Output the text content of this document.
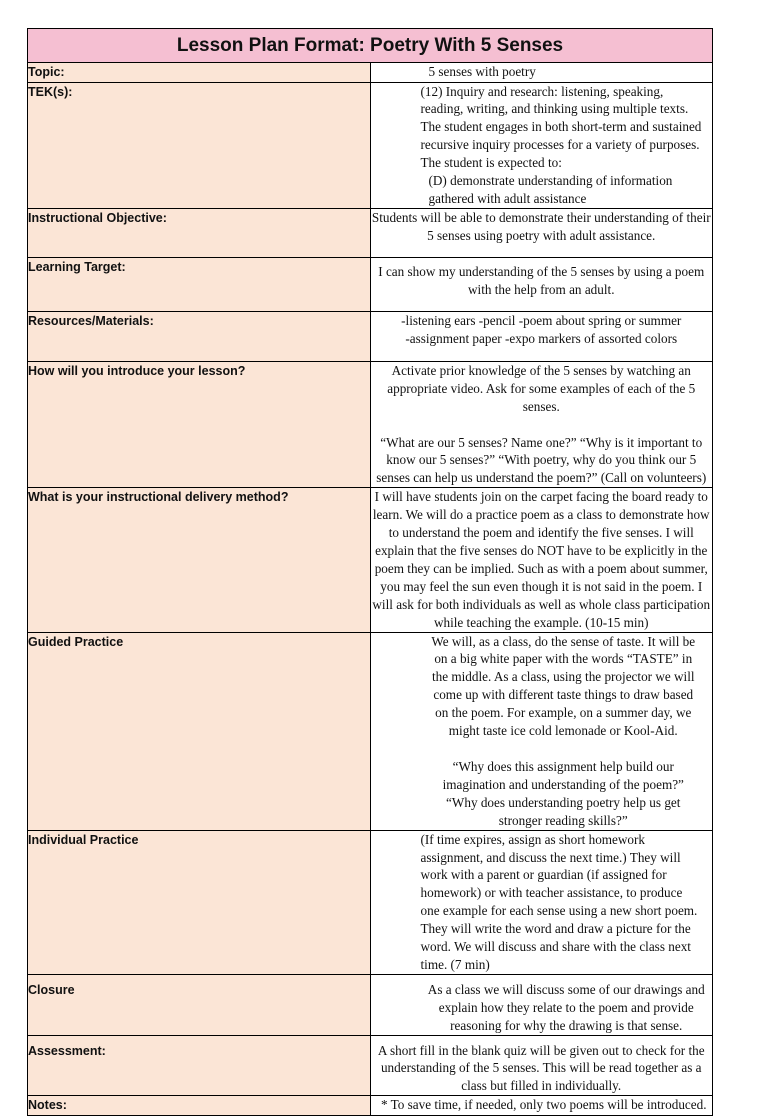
Lesson Plan Format: Poetry With 5 Senses	
Topic:	5 senses with poetry
TEK(s):	(12) Inquiry and research: listening, speaking, reading, writing, and thinking using multiple texts. The student engages in both short-term and sustained recursive inquiry processes for a variety of purposes. The student is expected to:

(D) demonstrate understanding of information gathered with adult assistance

Instructional Objective:	Students will be able to demonstrate their understanding of their 5 senses using poetry with adult assistance.
Learning Target:	I can show my understanding of the 5 senses by using a poem with the help from an adult.
Resources/Materials:	-listening ears -pencil -poem about spring or summer

-assignment paper -expo markers of assorted colors

How will you introduce your lesson?	Activate prior knowledge of the 5 senses by watching an appropriate video. Ask for some examples of each of the 5 senses.

“What are our 5 senses? Name one?” “Why is it important to know our 5 senses?” “With poetry, why do you think our 5 senses can help us understand the poem?” (Call on volunteers)

What is your instructional delivery method?	I will have students join on the carpet facing the board ready to learn. We will do a practice poem as a class to demonstrate how to understand the poem and identify the five senses. I will explain that the five senses do NOT have to be explicitly in the poem they can be implied. Such as with a poem about summer, you may feel the sun even though it is not said in the poem. I will ask for both individuals as well as whole class participation while teaching the example. (10-15 min)
Guided Practice	We will, as a class, do the sense of taste. It will be on a big white paper with the words “TASTE” in the middle. As a class, using the projector we will come up with different taste things to draw based on the poem. For example, on a summer day, we might taste ice cold lemonade or Kool-Aid.

“Why does this assignment help build our imagination and understanding of the poem?” “Why does understanding poetry help us get stronger reading skills?”

Individual Practice	(If time expires, assign as short homework assignment, and discuss the next time.) They will work with a parent or guardian (if assigned for homework) or with teacher assistance, to produce one example for each sense using a new short poem. They will write the word and draw a picture for the word. We will discuss and share with the class next time. (7 min)
Closure	As a class we will discuss some of our drawings and explain how they relate to the poem and provide reasoning for why the drawing is that sense.
Assessment:	A short fill in the blank quiz will be given out to check for the understanding of the 5 senses. This will be read together as a class but filled in individually.
Notes:	* To save time, if needed, only two poems will be introduced.
